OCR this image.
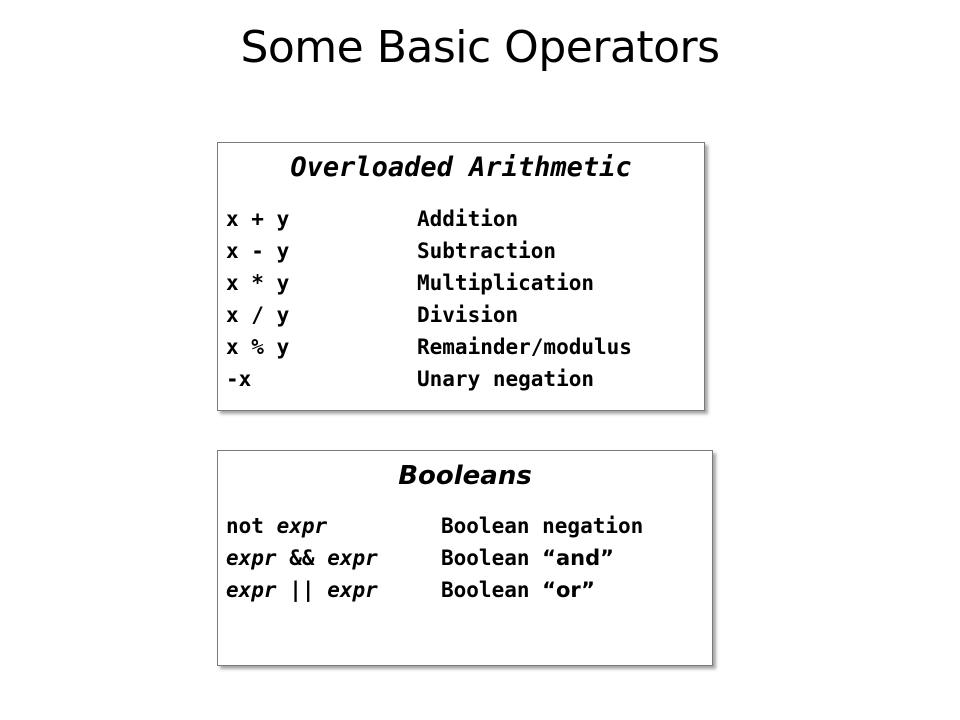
Some Basic Operators
Overloaded Arithmetic
x + y	Addition
x - y	Subtraction
x * y	Multiplication
x / y	Division
x % y	Remainder/modulus
-x	Unary negation
Booleans
not expr	Boolean negation
expr && expr	Boolean “and”
expr || expr	Boolean “or”
